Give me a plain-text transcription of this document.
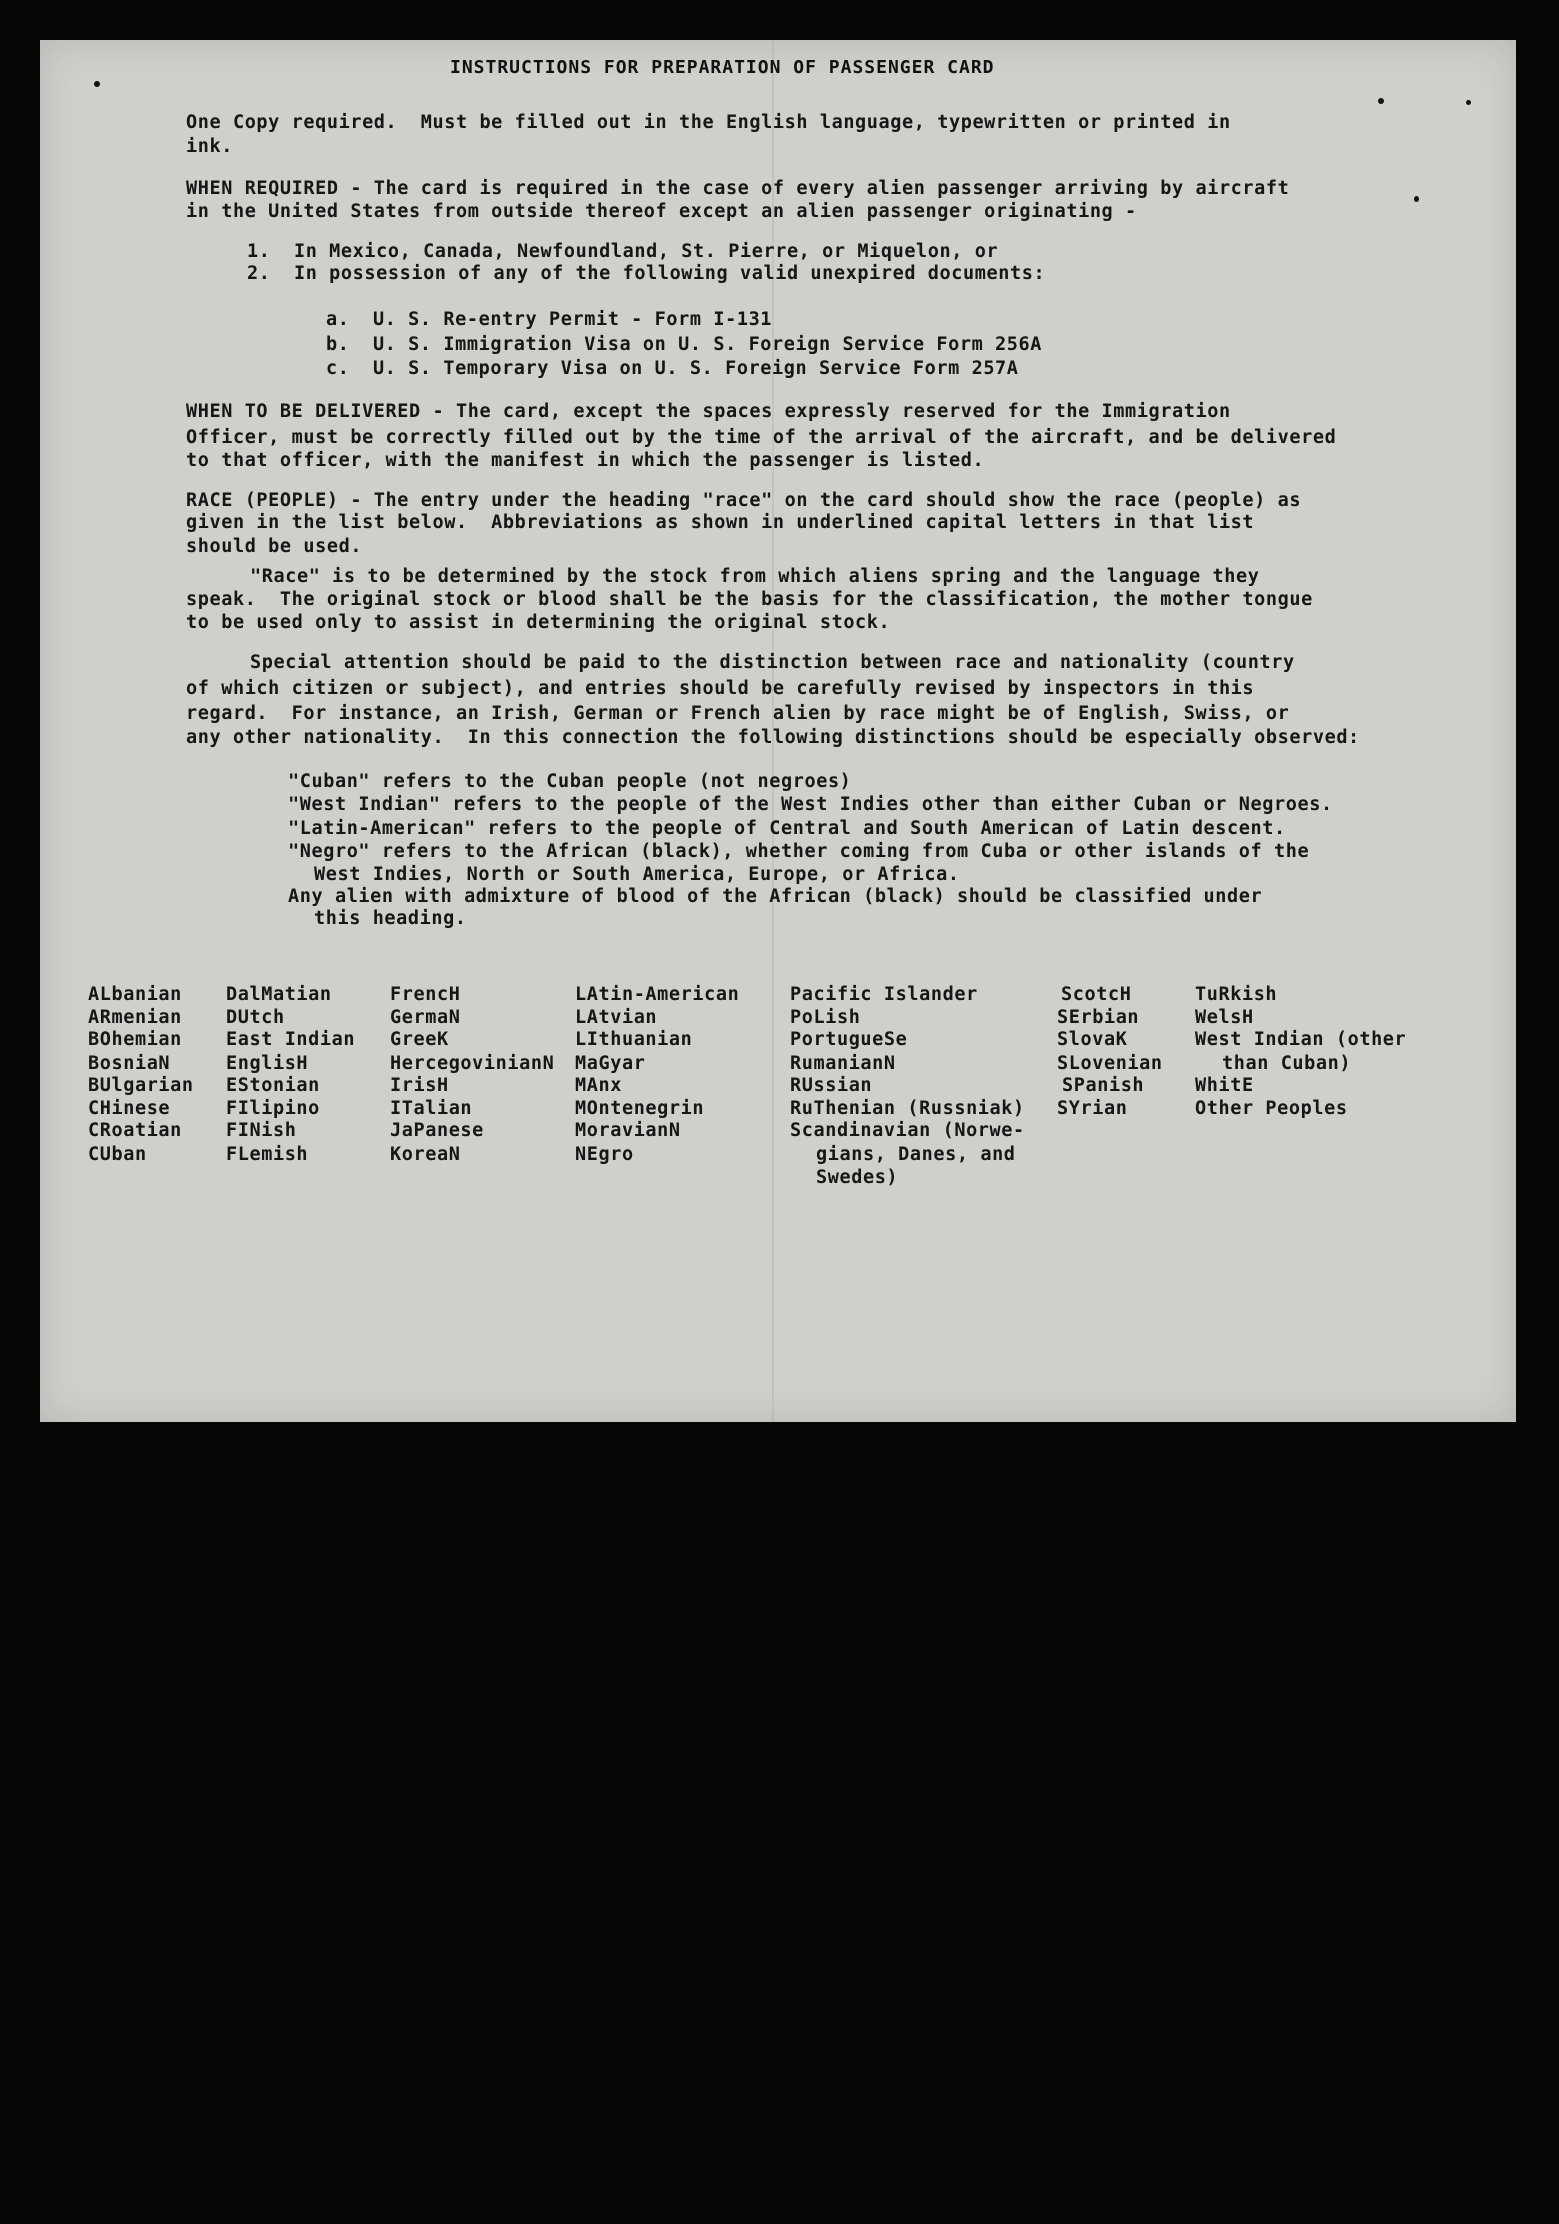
INSTRUCTIONS FOR PREPARATION OF PASSENGER CARD

One Copy required.  Must be filled out in the English language, typewritten or printed in

ink.

WHEN REQUIRED - The card is required in the case of every alien passenger arriving by aircraft

in the United States from outside thereof except an alien passenger originating -

1.  In Mexico, Canada, Newfoundland, St. Pierre, or Miquelon, or

2.  In possession of any of the following valid unexpired documents:

a.  U. S. Re-entry Permit - Form I-131

b.  U. S. Immigration Visa on U. S. Foreign Service Form 256A

c.  U. S. Temporary Visa on U. S. Foreign Service Form 257A

WHEN TO BE DELIVERED - The card, except the spaces expressly reserved for the Immigration

Officer, must be correctly filled out by the time of the arrival of the aircraft, and be delivered

to that officer, with the manifest in which the passenger is listed.

RACE (PEOPLE) - The entry under the heading "race" on the card should show the race (people) as

given in the list below.  Abbreviations as shown in underlined capital letters in that list

should be used.

"Race" is to be determined by the stock from which aliens spring and the language they

speak.  The original stock or blood shall be the basis for the classification, the mother tongue

to be used only to assist in determining the original stock.

Special attention should be paid to the distinction between race and nationality (country

of which citizen or subject), and entries should be carefully revised by inspectors in this

regard.  For instance, an Irish, German or French alien by race might be of English, Swiss, or

any other nationality.  In this connection the following distinctions should be especially observed:

"Cuban" refers to the Cuban people (not negroes)

"West Indian" refers to the people of the West Indies other than either Cuban or Negroes.

"Latin-American" refers to the people of Central and South American of Latin descent.

"Negro" refers to the African (black), whether coming from Cuba or other islands of the

West Indies, North or South America, Europe, or Africa.

Any alien with admixture of blood of the African (black) should be classified under

this heading.

ALbanian

ARmenian

BOhemian

BosniaN

BUlgarian

CHinese

CRoatian

CUban

DalMatian

DUtch

East Indian

EnglisH

EStonian

FIlipino

FINish

FLemish

FrencH

GermaN

GreeK

HercegovinianN

IrisH

ITalian

JaPanese

KoreaN

LAtin-American

LAtvian

LIthuanian

MaGyar

MAnx

MOntenegrin

MoravianN

NEgro

Pacific Islander

PoLish

PortugueSe

RumanianN

RUssian

RuThenian (Russniak)

Scandinavian (Norwe-

gians, Danes, and

Swedes)

ScotcH

SErbian

SlovaK

SLovenian

SPanish

SYrian

TuRkish

WelsH

West Indian (other

than Cuban)

WhitE

Other Peoples
